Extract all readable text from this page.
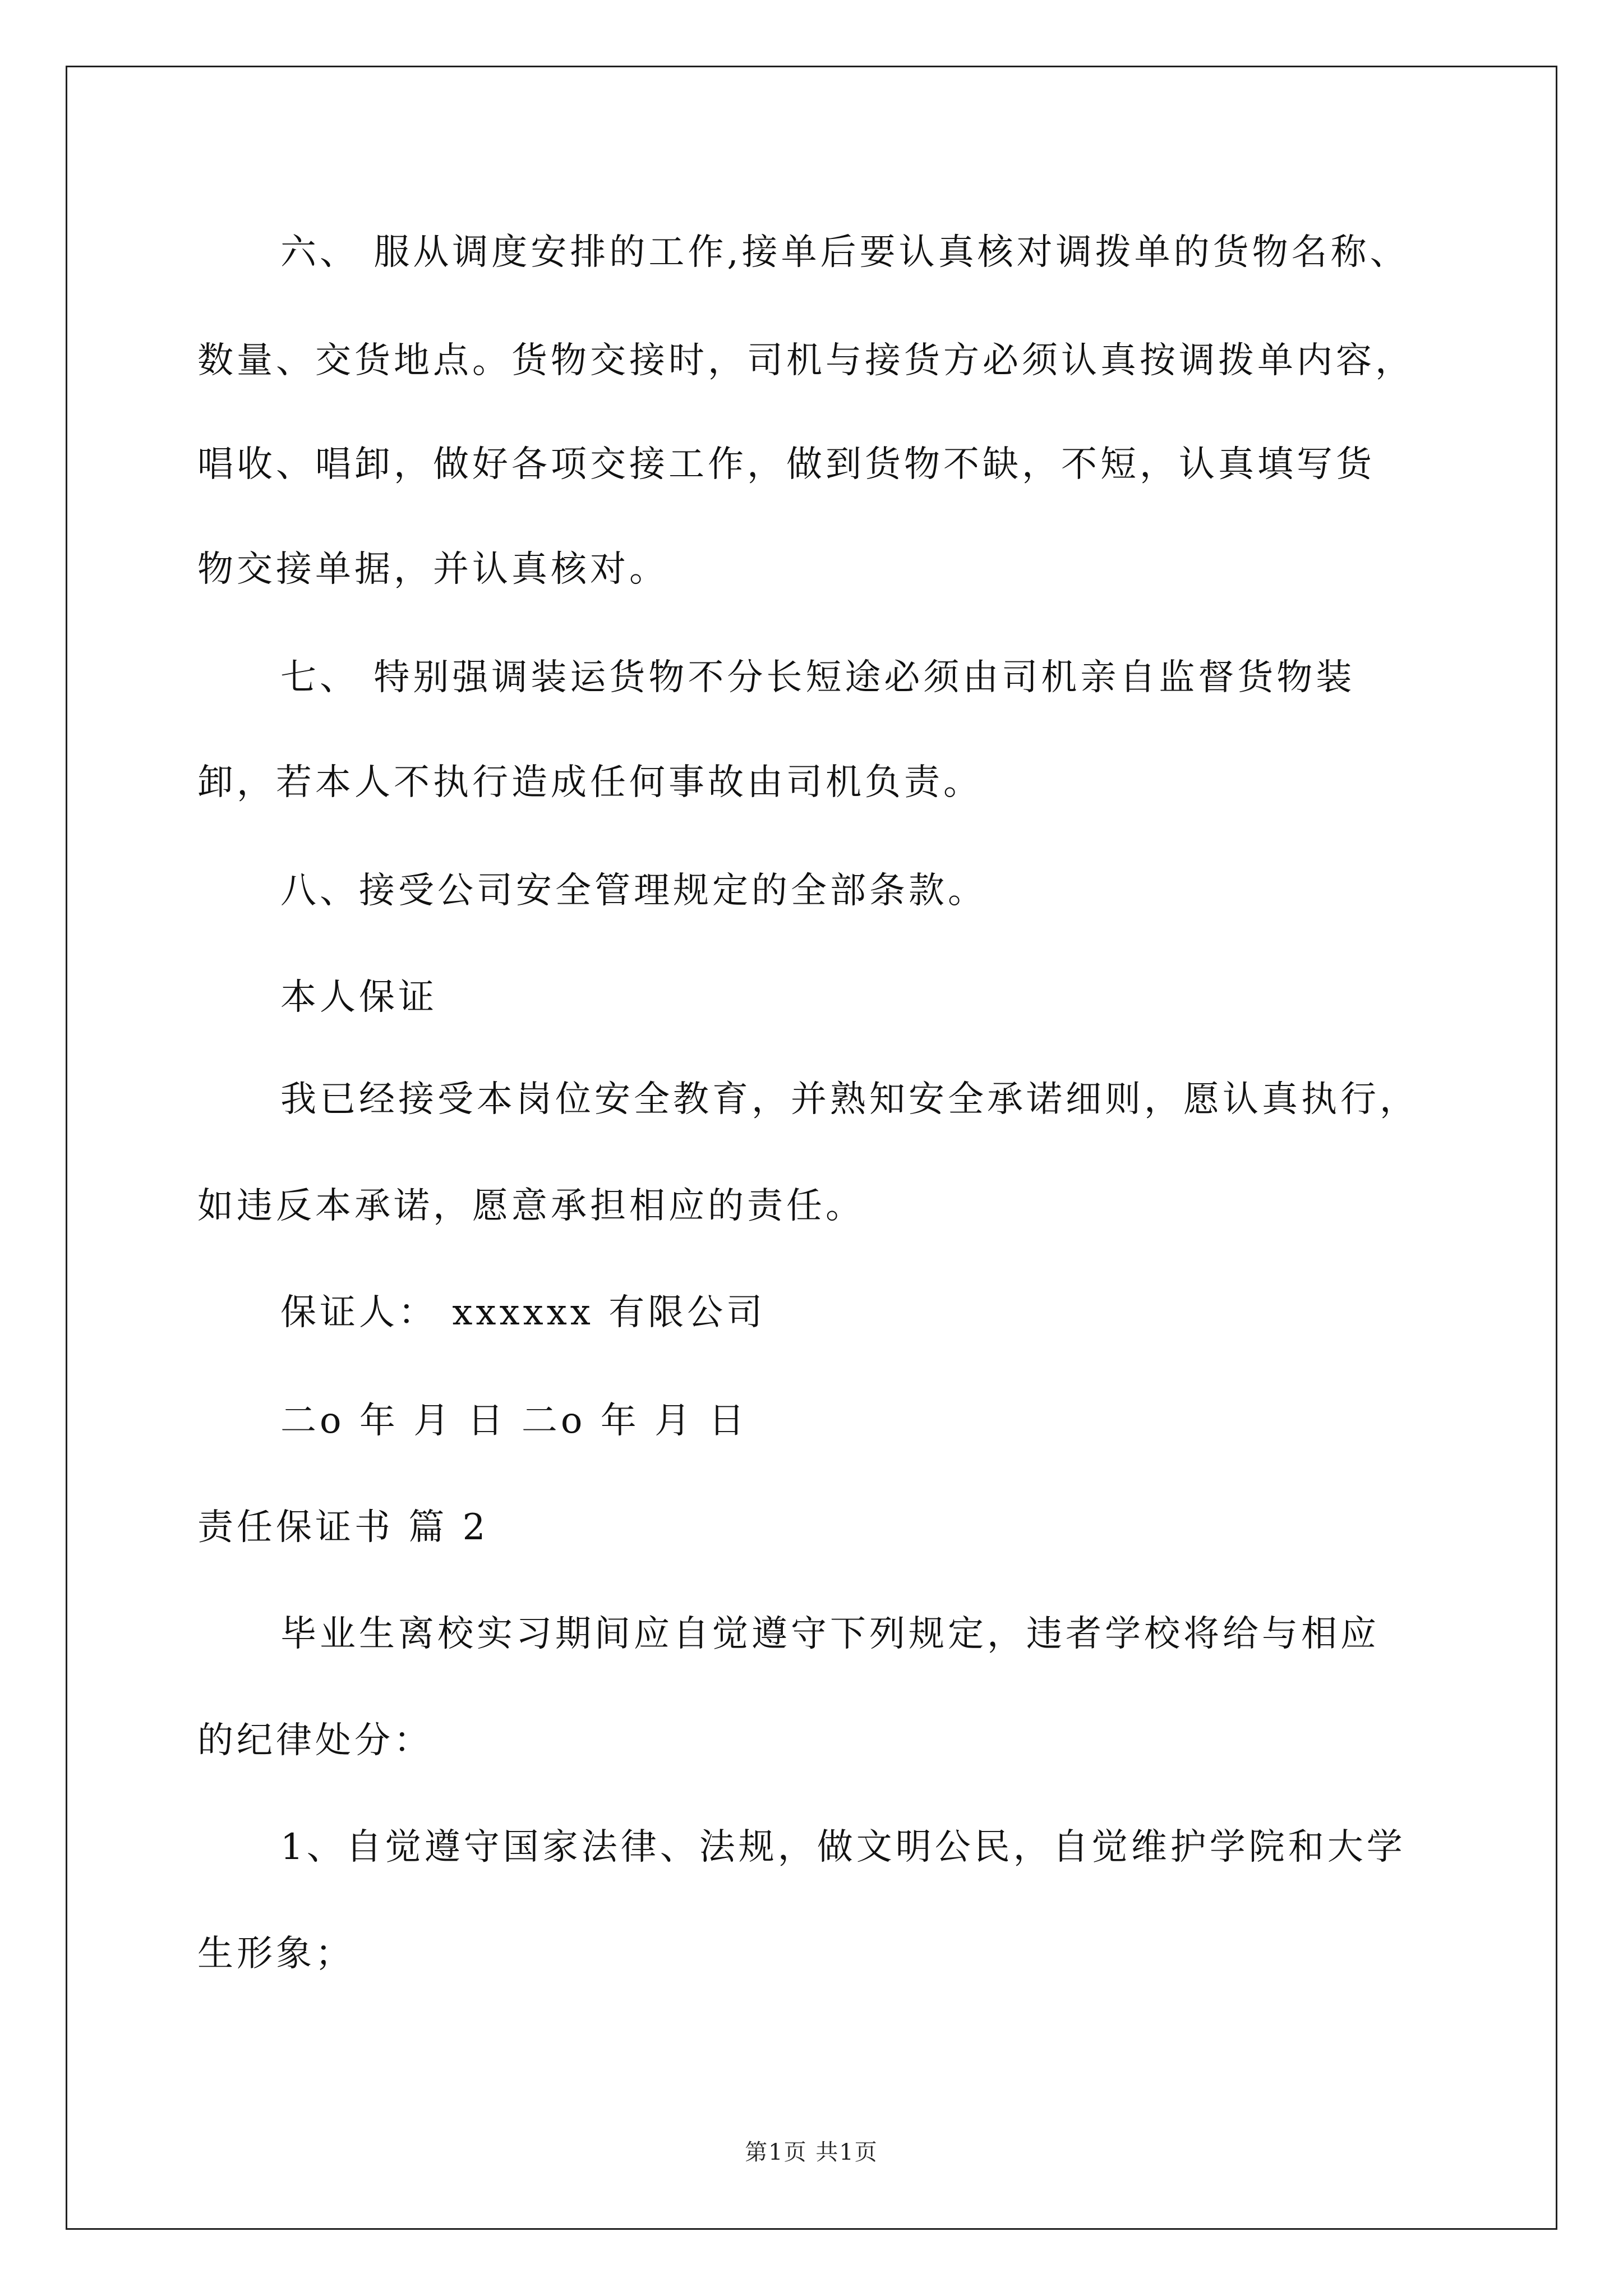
六、 服从调度安排的工作,接单后要认真核对调拨单的货物名称、
数量、交货地点。货物交接时，司机与接货方必须认真按调拨单内容，
唱收、唱卸，做好各项交接工作，做到货物不缺，不短，认真填写货
物交接单据，并认真核对。
七、 特别强调装运货物不分长短途必须由司机亲自监督货物装
卸，若本人不执行造成任何事故由司机负责。
八、接受公司安全管理规定的全部条款。
本人保证
我已经接受本岗位安全教育，并熟知安全承诺细则，愿认真执行，
如违反本承诺，愿意承担相应的责任。
保证人： xxxxxx 有限公司
二o 年 月 日 二o 年 月 日
责任保证书 篇 2
毕业生离校实习期间应自觉遵守下列规定，违者学校将给与相应
的纪律处分：
1、自觉遵守国家法律、法规，做文明公民，自觉维护学院和大学
生形象；
第1页 共1页
